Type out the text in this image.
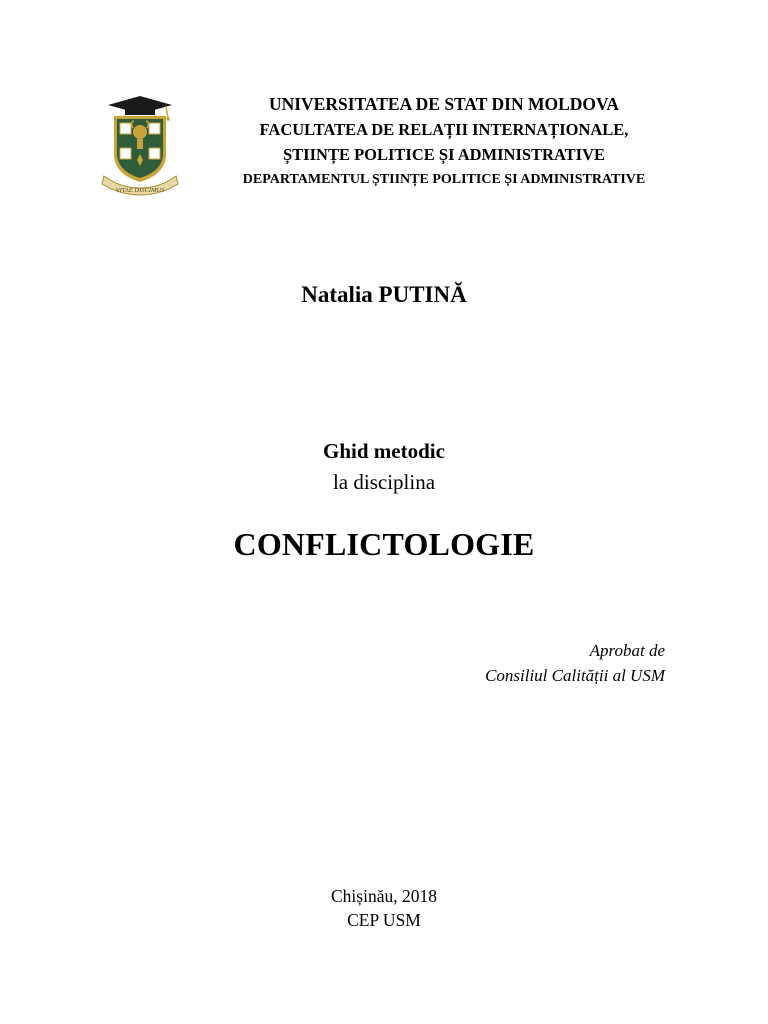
VITAE DISCIMUS
UNIVERSITATEA DE STAT DIN MOLDOVA
FACULTATEA DE RELAȚII INTERNAȚIONALE,
ȘTIINȚE POLITICE ȘI ADMINISTRATIVE
DEPARTAMENTUL ȘTIINȚE POLITICE ȘI ADMINISTRATIVE
Natalia PUTINĂ
Ghid metodic
la disciplina
CONFLICTOLOGIE
Aprobat de
Consiliul Calității al USM
Chișinău, 2018
CEP USM
